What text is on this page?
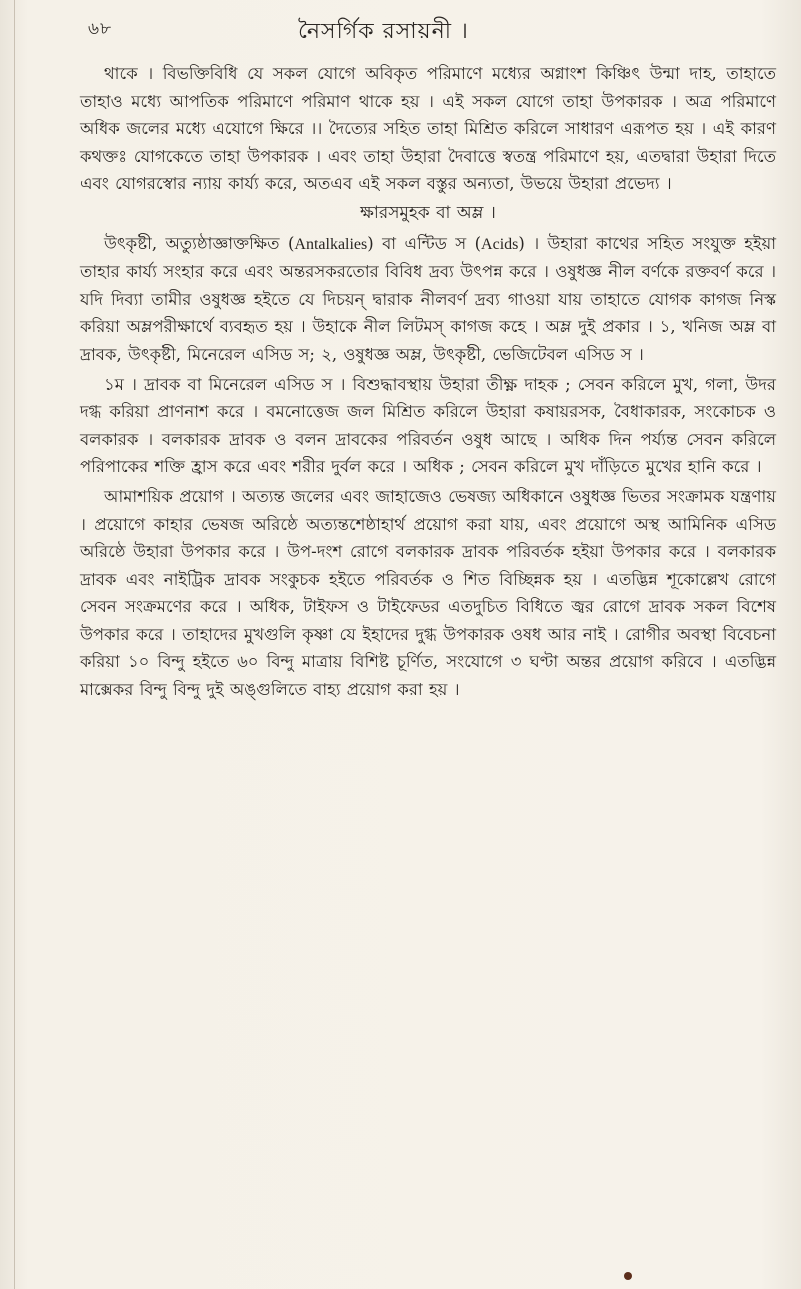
৬৮	নৈসর্গিক রসায়নী ।

থাকে । বিভক্তিবিধি যে সকল যোগে অবিকৃত পরিমাণে মধ্যের অগ্নাংশ কিঞ্চিৎ উন্মা দাহ, তাহাতে তাহাও মধ্যে আপতিক পরিমাণে পরিমাণ থাকে হয় । এই সকল যোগে তাহা উপকারক । অত্র পরিমাণে অধিক জলের মধ্যে এযোগে ক্ষিরে ।। দৈত্যের সহিত তাহা মিশ্রিত করিলে সাধারণ এরূপত হয় । এই কারণ কথক্তঃ যোগকেতে তাহা উপকারক । এবং তাহা উহারা দৈবাত্তে স্বতন্ত্র পরিমাণে হয়, এতদ্বারা উহারা দিতে এবং যোগরস্বোর ন্যায় কার্য্য করে, অতএব এই সকল বস্তুর অন্যতা, উভয়ে উহারা প্রভেদ্য ।

ক্ষারসমুহক বা অম্ল ।

উৎকৃষ্টী, অত্যুষ্ঠাজ্ঞাক্তক্ষিত (Antalkalies) বা এন্টিড স (Acids) । উহারা কাথের সহিত সংযুক্ত হইয়া তাহার কার্য্য সংহার করে এবং অন্তরসকরতোর বিবিধ দ্রব্য উৎপন্ন করে । ওষুধজ্ঞ নীল বর্ণকে রক্তবর্ণ করে । যদি দিব্যা তামীর ওষুধজ্ঞ হইতে যে দিচয়ন্ দ্বারাক নীলবর্ণ দ্রব্য গাওয়া যায় তাহাতে যোগক কাগজ নিস্ক করিয়া অম্লপরীক্ষার্থে ব্যবহৃত হয় । উহাকে নীল লিটমস্ কাগজ কহে । অম্ল দুই প্রকার । ১, খনিজ অম্ল বা দ্রাবক, উৎকৃষ্টী, মিনেরেল এসিড স; ২, ওষুধজ্ঞ অম্ল, উৎকৃষ্টী, ভেজিটেবল এসিড স ।

১ম । দ্রাবক বা মিনেরেল এসিড স । বিশুদ্ধাবস্থায় উহারা তীক্ষ্ণ দাহক ; সেবন করিলে মুখ, গলা, উদর দগ্ধ করিয়া প্রাণনাশ করে । বমনোত্তেজ জল মিশ্রিত করিলে উহারা কষায়রসক, বৈধাকারক, সংকোচক ও বলকারক । বলকারক দ্রাবক ও বলন দ্রাবকের পরিবর্তন ওষুধ আছে । অধিক দিন পর্য্যন্ত সেবন করিলে পরিপাকের শক্তি হ্রাস করে এবং শরীর দুর্বল করে । অধিক ; সেবন করিলে মুখ দাঁড়িতে মুখের হানি করে ।

আমাশয়িক প্রয়োগ । অত্যন্ত জলের এবং জাহাজেও ভেষজ্য অধিকানে ওষুধজ্ঞ ভিতর সংক্রামক যন্ত্রণায় । প্রয়োগে কাহার ভেষজ অরিষ্ঠে অত্যন্তশেষ্ঠাহার্থ প্রয়োগ করা যায়, এবং প্রয়োগে অস্থ আমিনিক এসিড অরিষ্ঠে উহারা উপকার করে । উপ-দংশ রোগে বলকারক দ্রাবক পরিবর্তক হইয়া উপকার করে । বলকারক দ্রাবক এবং নাইট্রিক দ্রাবক সংকুচক হইতে পরিবর্তক ও শিত বিচ্ছিন্নক হয় । এতদ্ভিন্ন শূকোল্লেখ রোগে সেবন সংক্রমণের করে । অধিক, টাইফস ও টাইফেডর এতদুচিত বিধিতে জ্বর রোগে দ্রাবক সকল বিশেষ উপকার করে । তাহাদের মুখগুলি কৃষ্ণা যে ইহাদের দুগ্ধ উপকারক ওষধ আর নাই । রোগীর অবস্থা বিবেচনা করিয়া ১০ বিন্দু হইতে ৬০ বিন্দু মাত্রায় বিশিষ্ট চূর্ণিত, সংযোগে ৩ ঘণ্টা অন্তর প্রয়োগ করিবে । এতদ্ভিন্ন মাক্সেকর বিন্দু বিন্দু দুই অঙ্গুলিতে বাহ্য প্রয়োগ করা হয় ।
